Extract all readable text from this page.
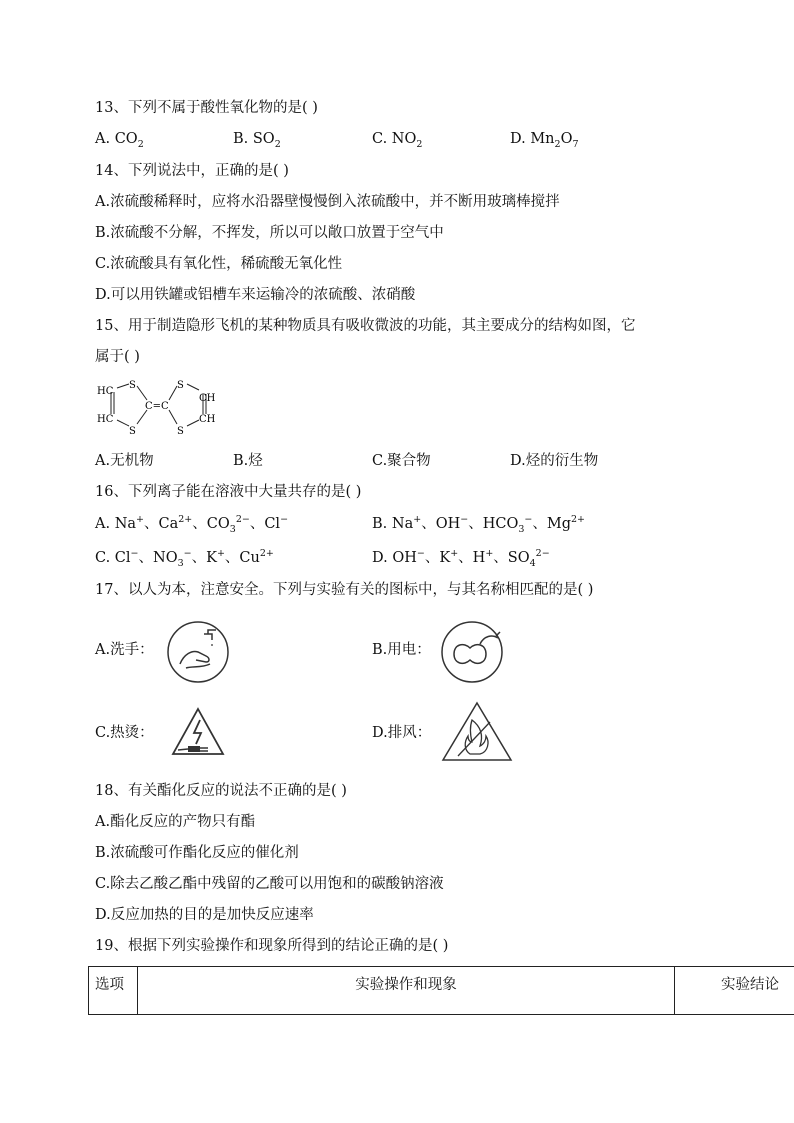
13、下列不属于酸性氧化物的是( )
A. $CO_2$	B. $SO_2$	C. $NO_2$	D. $Mn_2O_7$
14、下列说法中，正确的是( )
A.浓硫酸稀释时，应将水沿器壁慢慢倒入浓硫酸中，并不断用玻璃棒搅拌
B.浓硫酸不分解，不挥发，所以可以敞口放置于空气中
C.浓硫酸具有氧化性，稀硫酸无氧化性
D.可以用铁罐或铝槽车来运输冷的浓硫酸、浓硝酸
15、用于制造隐形飞机的某种物质具有吸收微波的功能，其主要成分的结构如图，它
属于( )
HC
HC
S
S
C=C
S
S
CH
CH
A.无机物	B.烃	C.聚合物	D.烃的衍生物
16、下列离子能在溶液中大量共存的是( )
A. Na+、$Ca^{2+}$、$CO_3^{2-}$、Cl−	B. Na+、OH−、$HCO_3^-$、$Mg^{2+}$
C. Cl−、$NO_3^-$、K+、$Cu^{2+}$	D. OH−、K+、H+、$SO_4^{2-}$
17、以人为本，注意安全。下列与实验有关的图标中，与其名称相匹配的是( )
A.洗手：	B.用电：
C.热烫：	D.排风：
18、有关酯化反应的说法不正确的是( )
A.酯化反应的产物只有酯
B.浓硫酸可作酯化反应的催化剂
C.除去乙酸乙酯中残留的乙酸可以用饱和的碳酸钠溶液
D.反应加热的目的是加快反应速率
19、根据下列实验操作和现象所得到的结论正确的是( )
选项	实验操作和现象	实验结论
